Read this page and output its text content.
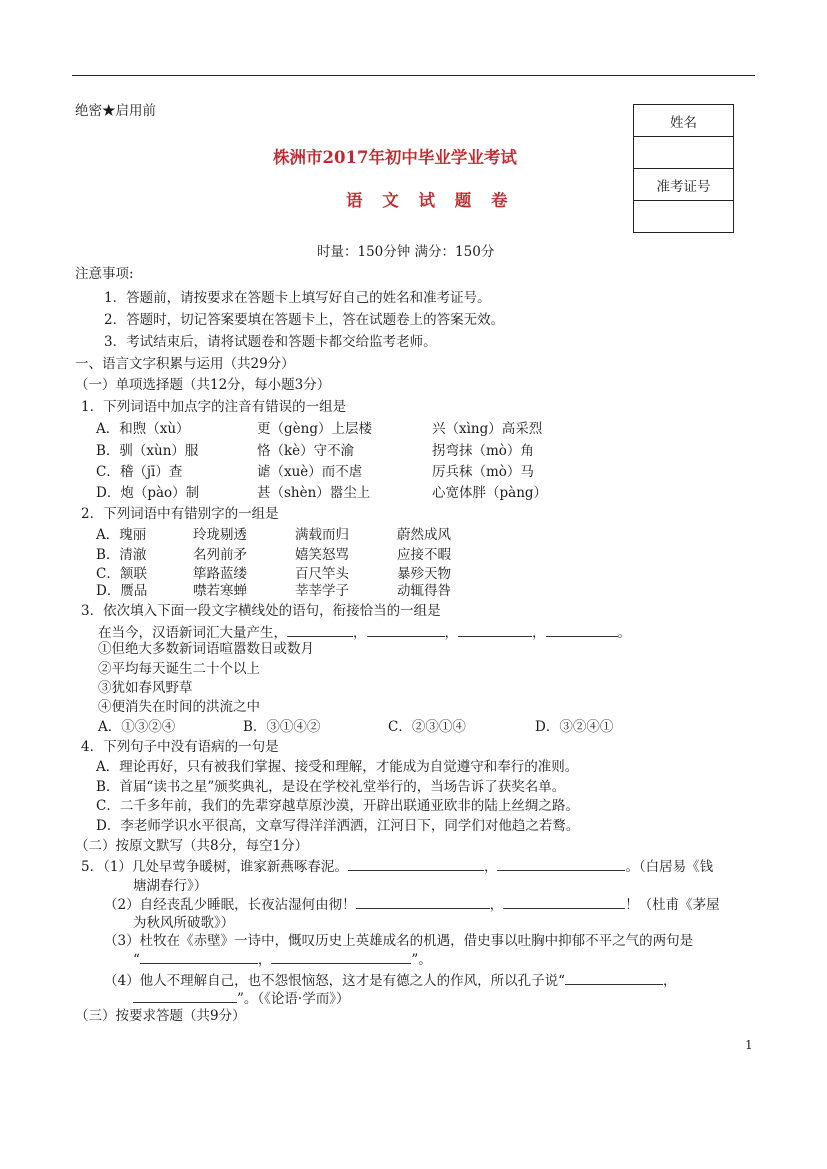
绝密★启用前
姓名

准考证号

株洲市2017年初中毕业学业考试
语 文 试 题 卷
时量：150分钟 满分：150分
注意事项:
1．答题前，请按要求在答题卡上填写好自己的姓名和准考证号。
2．答题时，切记答案要填在答题卡上，答在试题卷上的答案无效。
3．考试结束后，请将试题卷和答题卡都交给监考老师。
一、语言文字积累与运用（共29分）
（一）单项选择题（共12分，每小题3分）
1．下列词语中加点字的注音有错误的一组是
A．和煦（xù）	更（gèng）上层楼	兴（xìng）高采烈
B．驯（xùn）服	恪（kè）守不渝	拐弯抹（mò）角
C．稽（jī）查	谑（xuè）而不虐	厉兵秣（mò）马
D．炮（pào）制	甚（shèn）嚣尘上	心宽体胖（pàng）
2．下列词语中有错别字的一组是
A．瑰丽	玲珑剔透	满载而归	蔚然成风
B．清澈	名列前矛	嬉笑怒骂	应接不暇
C．颔联	筚路蓝缕	百尺竿头	暴殄天物
D．赝品	噤若寒蝉	莘莘学子	动辄得咎
3．依次填入下面一段文字横线处的语句，衔接恰当的一组是
在当今，汉语新词汇大量产生，	，	，	，	。
①但绝大多数新词语喧嚣数日或数月
②平均每天诞生二十个以上
③犹如春风野草
④便消失在时间的洪流之中
A．①③②④	B．③①④②	C．②③①④	D．③②④①
4．下列句子中没有语病的一句是
A．理论再好，只有被我们掌握、接受和理解，才能成为自觉遵守和奉行的准则。
B．首届“读书之星”颁奖典礼，是设在学校礼堂举行的，当场告诉了获奖名单。
C．二千多年前，我们的先辈穿越草原沙漠，开辟出联通亚欧非的陆上丝绸之路。
D．李老师学识水平很高，文章写得洋洋洒洒，江河日下，同学们对他趋之若鹜。
（二）按原文默写（共8分，每空1分）
5．（1）几处早莺争暖树，谁家新燕啄春泥。	，	。（白居易《钱
塘湖春行》）
（2）自经丧乱少睡眠，长夜沾湿何由彻！	，	！（杜甫《茅屋
为秋风所破歌》）
（3）杜牧在《赤壁》一诗中，慨叹历史上英雄成名的机遇，借史事以吐胸中抑郁不平之气的两句是
“	，	”。
（4）他人不理解自己，也不怨恨恼怒，这才是有德之人的作风，所以孔子说“	，
”。（《论语·学而》）
（三）按要求答题（共9分）
1
